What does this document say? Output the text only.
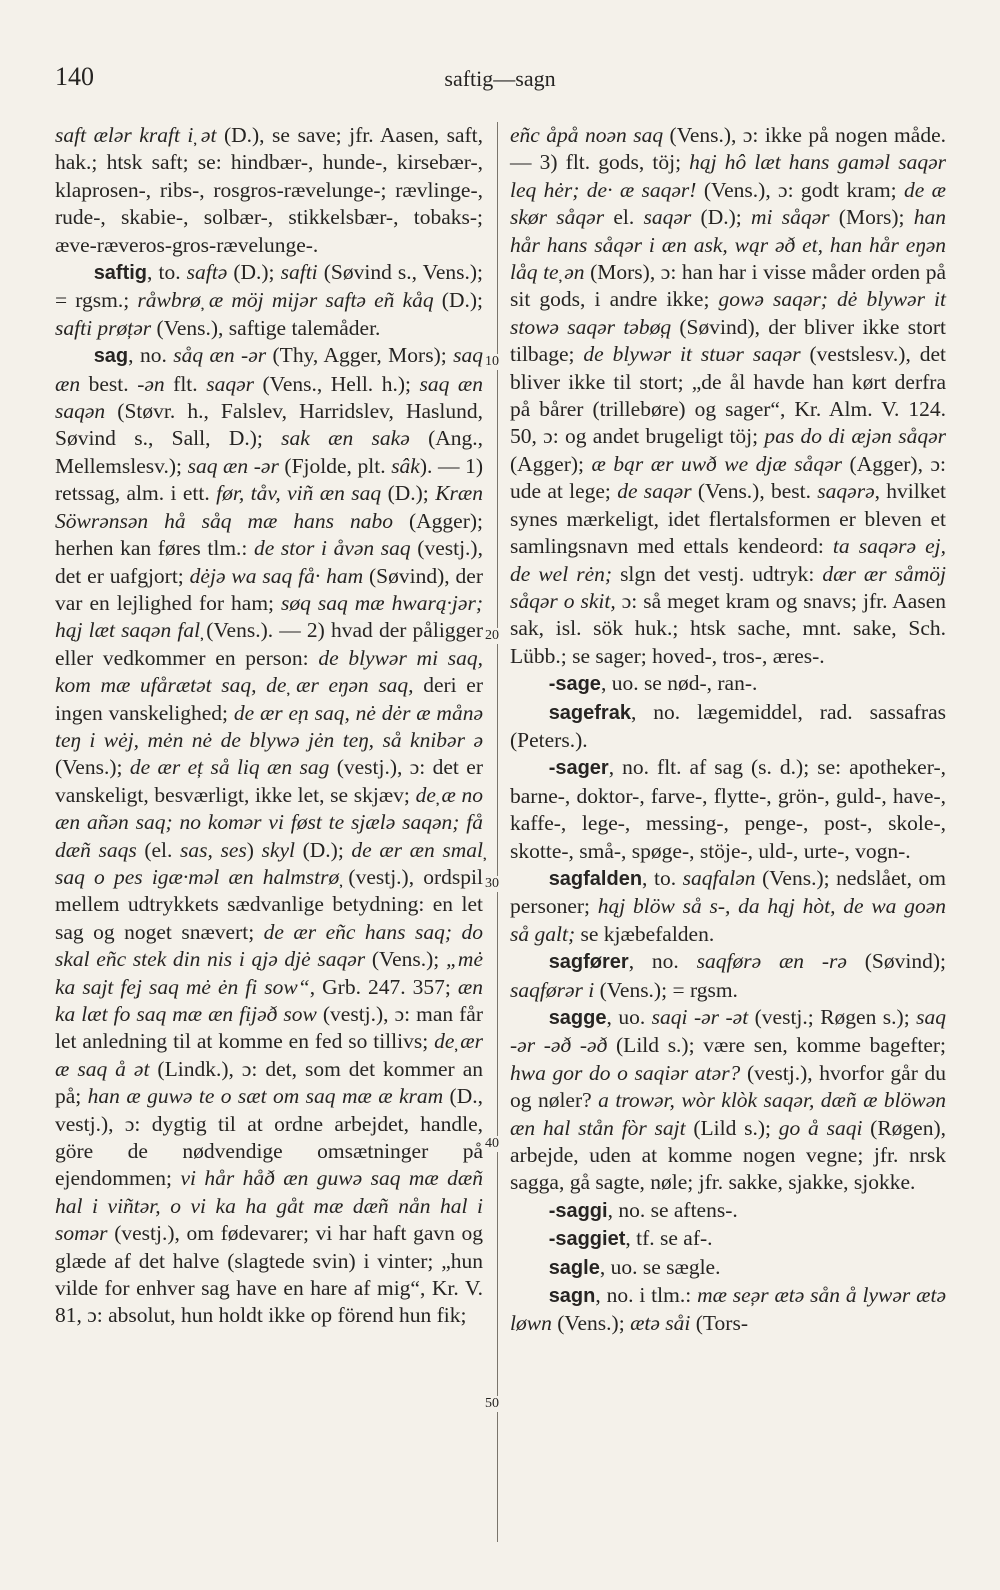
140	saftig—sagn
10
20
30
40
50

saft ælər kraft i̦ ət (D.), se save; jfr. Aasen, saft, hak.; htsk saft; se: hindbær-, hunde-, kirsebær-, klaprosen-, ribs-, rosgros-rævelunge-; rævlinge-, rude-, skabie-, solbær-, stikkelsbær-, tobaks-; æve-ræveros-gros-rævelunge-.

saftig, to. saftə (D.); safti (Søvind s., Vens.); = rgsm.; råwbrø̦ æ möj mijər saftə eñ kåq (D.); safti prø̦tər (Vens.), saftige talemåder.

sag, no. såq æn -ər (Thy, Agger, Mors); saq æn best. -ən flt. saqər (Vens., Hell. h.); saq æn saqən (Støvr. h., Falslev, Harridslev, Haslund, Søvind s., Sall, D.); sak æn sakə (Ang., Mellemslesv.); saq æn -ər (Fjolde, plt. sâk). — 1) retssag, alm. i ett. før, tåv, viñ æn saq (D.); Kræn Söwrənsən hå såq mæ hans nabo (Agger); herhen kan føres tlm.: de stor i åvən saq (vestj.), det er uafgjort; dėjə wa saq få· ham (Søvind), der var en lejlighed for ham; søq saq mæ hwarą·jər; hąj læt saqən fal̦ (Vens.). — 2) hvad der påligger eller vedkommer en person: de blywər mi saq, kom mæ ufårætət saq, de̦ ær eŋən saq, deri er ingen vanskelighed; de ær e̦n saq, nė dėr æ månə teŋ i wėj, mėn nė de blywə jėn teŋ, så knibər ə (Vens.); de ær e̦t så liq æn sag (vestj.), ɔ: det er vanskeligt, besværligt, ikke let, se skjæv; de̦ æ no æn añən saq; no komər vi føst te sjælə saqən; få dæñ saqs (el. sas, ses) skyl (D.); de ær æn smal̦ saq o pes igæ·məl æn halmstrø̦ (vestj.), ordspil mellem udtrykkets sædvanlige betydning: en let sag og noget snævert; de ær eñc hans saq; do skal eñc stek din nis i ąjə djė saqər (Vens.); „mė ka sajt fe̦j saq mė ėn fi sow“, Grb. 247. 357; æn ka læt fo saq mæ æn fijəð sow (vestj.), ɔ: man får let anledning til at komme en fed so tillivs; de̦ ær æ saq å ət (Lindk.), ɔ: det, som det kommer an på; han æ guwə te o sæt om saq mæ æ kram (D., vestj.), ɔ: dygtig til at ordne arbejdet, handle, göre de nødvendige omsætninger på ejendommen; vi hår håð æn guwə saq mæ dæñ hal i viñtər, o vi ka ha gåt mæ dæñ nån hal i somər (vestj.), om fødevarer; vi har haft gavn og glæde af det halve (slagtede svin) i vinter; „hun vilde for enhver sag have en hare af mig“, Kr. V. 81, ɔ: absolut, hun holdt ikke op förend hun fik;

eñc åpå noən saq (Vens.), ɔ: ikke på nogen måde. — 3) flt. gods, töj; hąj hô læt hans gaməl saqər leq hėr; de· æ saqər! (Vens.), ɔ: godt kram; de æ skør såqər el. saqər (D.); mi såqər (Mors); han hår hans såqər i æn ask, wąr əð et, han hår eŋən låq te̦ ən (Mors), ɔ: han har i visse måder orden på sit gods, i andre ikke; gowə saqər; dė blywər it stowə saqər təbø̦q (Søvind), der bliver ikke stort tilbage; de blywər it stuər saqər (vestslesv.), det bliver ikke til stort; „de ål havde han kørt derfra på bårer (trillebøre) og sager“, Kr. Alm. V. 124. 50, ɔ: og andet brugeligt töj; pas do di æjən såqər (Agger); æ bąr ær uwð we djæ såqər (Agger), ɔ: ude at lege; de saqər (Vens.), best. saqərə, hvilket synes mærkeligt, idet flertalsformen er bleven et samlingsnavn med ettals kendeord: ta saqərə e̦j, de wel rėn; slgn det vestj. udtryk: dær ær såmöj såqər o skit, ɔ: så meget kram og snavs; jfr. Aasen sak, isl. sök huk.; htsk sache, mnt. sake, Sch. Lübb.; se sager; hoved-, tros-, æres-.

-sage, uo. se nød-, ran-.

sagefrak, no. lægemiddel, rad. sassafras (Peters.).

-sager, no. flt. af sag (s. d.); se: apotheker-, barne-, doktor-, farve-, flytte-, grön-, guld-, have-, kaffe-, lege-, messing-, penge-, post-, skole-, skotte-, små-, spøge-, stöje-, uld-, urte-, vogn-.

sagfalden, to. saqfalən (Vens.); nedslået, om personer; hąj blöw så s-, da hąj hòt, de wa goən så galt; se kjæbefalden.

sagfører, no. saqførə æn -rə (Søvind); saqførər i (Vens.); = rgsm.

sagge, uo. saqi -ər -ət (vestj.; Røgen s.); saq -ər -əð -əð (Lild s.); være sen, komme bagefter; hwa gor do o saqiər atər? (vestj.), hvorfor går du og nøler? a trowər, wòr klòk saqər, dæñ æ blöwən æn hal stån fòr sajt (Lild s.); go å saqi (Røgen), arbejde, uden at komme nogen vegne; jfr. nrsk sagga, gå sagte, nøle; jfr. sakke, sjakke, sjokke.

-saggi, no. se aftens-.

-saggiet, tf. se af-.

sagle, uo. se sægle.

sagn, no. i tlm.: mæ se̦ər ætə sån å lywər ætə løwn (Vens.); ætə såi (Tors-
